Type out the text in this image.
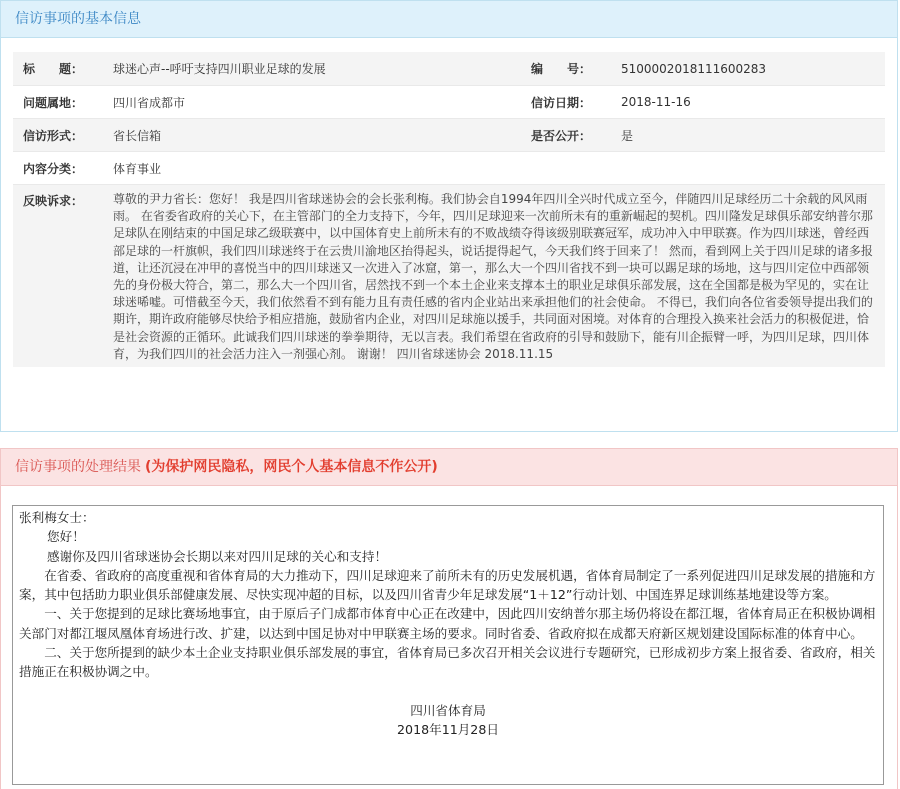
信访事项的基本信息
标　　题：	球迷心声--呼吁支持四川职业足球的发展	编　　号：	5100002018111600283
问题属地：	四川省成都市	信访日期：	2018-11-16
信访形式：	省长信箱	是否公开：	是
内容分类：	体育事业
反映诉求：	尊敬的尹力省长：您好！ 我是四川省球迷协会的会长张利梅。我们协会自1994年四川全兴时代成立至今，伴随四川足球经历二十余载的风风雨雨。 在省委省政府的关心下，在主管部门的全力支持下，今年，四川足球迎来一次前所未有的重新崛起的契机。四川隆发足球俱乐部安纳普尔那足球队在刚结束的中国足球乙级联赛中，以中国体育史上前所未有的不败战绩夺得该级别联赛冠军，成功冲入中甲联赛。作为四川球迷，曾经西部足球的一杆旗帜，我们四川球迷终于在云贵川渝地区抬得起头，说话提得起气，今天我们终于回来了！ 然而，看到网上关于四川足球的诸多报道，让还沉浸在冲甲的喜悦当中的四川球迷又一次进入了冰窟，第一，那么大一个四川省找不到一块可以踢足球的场地，这与四川定位中西部领先的身份极大符合，第二，那么大一个四川省，居然找不到一个本土企业来支撑本土的职业足球俱乐部发展，这在全国都是极为罕见的，实在让球迷唏嘘。可惜截至今天，我们依然看不到有能力且有责任感的省内企业站出来承担他们的社会使命。 不得已，我们向各位省委领导提出我们的期许，期许政府能够尽快给予相应措施，鼓励省内企业，对四川足球施以援手，共同面对困境。对体育的合理投入换来社会活力的积极促进，恰是社会资源的正循环。此诚我们四川球迷的拳拳期待，无以言表。我们希望在省政府的引导和鼓励下，能有川企振臂一呼，为四川足球，四川体育，为我们四川的社会活力注入一剂强心剂。 谢谢！ 四川省球迷协会 2018.11.15
信访事项的处理结果 (为保护网民隐私，网民个人基本信息不作公开)

张利梅女士：

您好！

感谢你及四川省球迷协会长期以来对四川足球的关心和支持！

在省委、省政府的高度重视和省体育局的大力推动下，四川足球迎来了前所未有的历史发展机遇，省体育局制定了一系列促进四川足球发展的措施和方案，其中包括助力职业俱乐部健康发展、尽快实现冲超的目标，以及四川省青少年足球发展“1＋12”行动计划、中国连界足球训练基地建设等方案。

一、关于您提到的足球比赛场地事宜，由于原后子门成都市体育中心正在改建中，因此四川安纳普尔那主场仍将设在都江堰，省体育局正在积极协调相关部门对都江堰凤凰体育场进行改、扩建，以达到中国足协对中甲联赛主场的要求。同时省委、省政府拟在成都天府新区规划建设国际标准的体育中心。

二、关于您所提到的缺少本土企业支持职业俱乐部发展的事宜，省体育局已多次召开相关会议进行专题研究，已形成初步方案上报省委、省政府，相关措施正在积极协调之中。

四川省体育局

2018年11月28日
